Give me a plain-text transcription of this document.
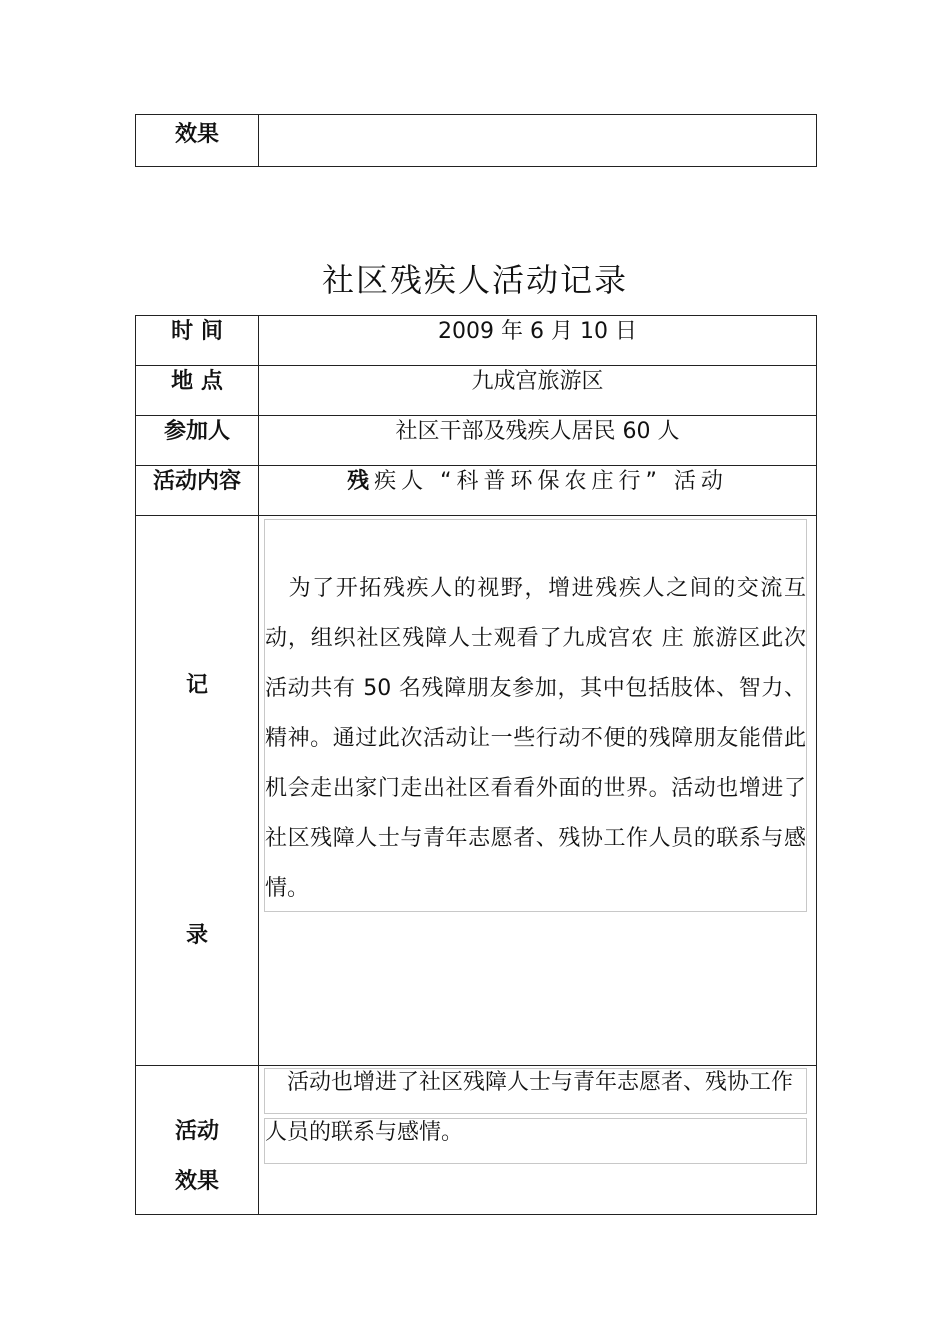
效果

社区残疾人活动记录
时 间	2009 年 6 月 10 日

地 点	九成宫旅游区

参加人	社区干部及残疾人居民 60 人

活动内容	残疾人 “科普环保农庄行” 活动

记
录	为了开拓残疾人的视野，增进残疾人之间的交流互动，组织社区残障人士观看了九成宫农 庄 旅游区此次活动共有 50 名残障朋友参加，其中包括肢体、智力、精神。通过此次活动让一些行动不便的残障朋友能借此机会走出家门走出社区看看外面的世界。活动也增进了社区残障人士与青年志愿者、残协工作人员的联系与感情。

活动
效果	活动也增进了社区残障人士与青年志愿者、残协工作人员的联系与感情。
